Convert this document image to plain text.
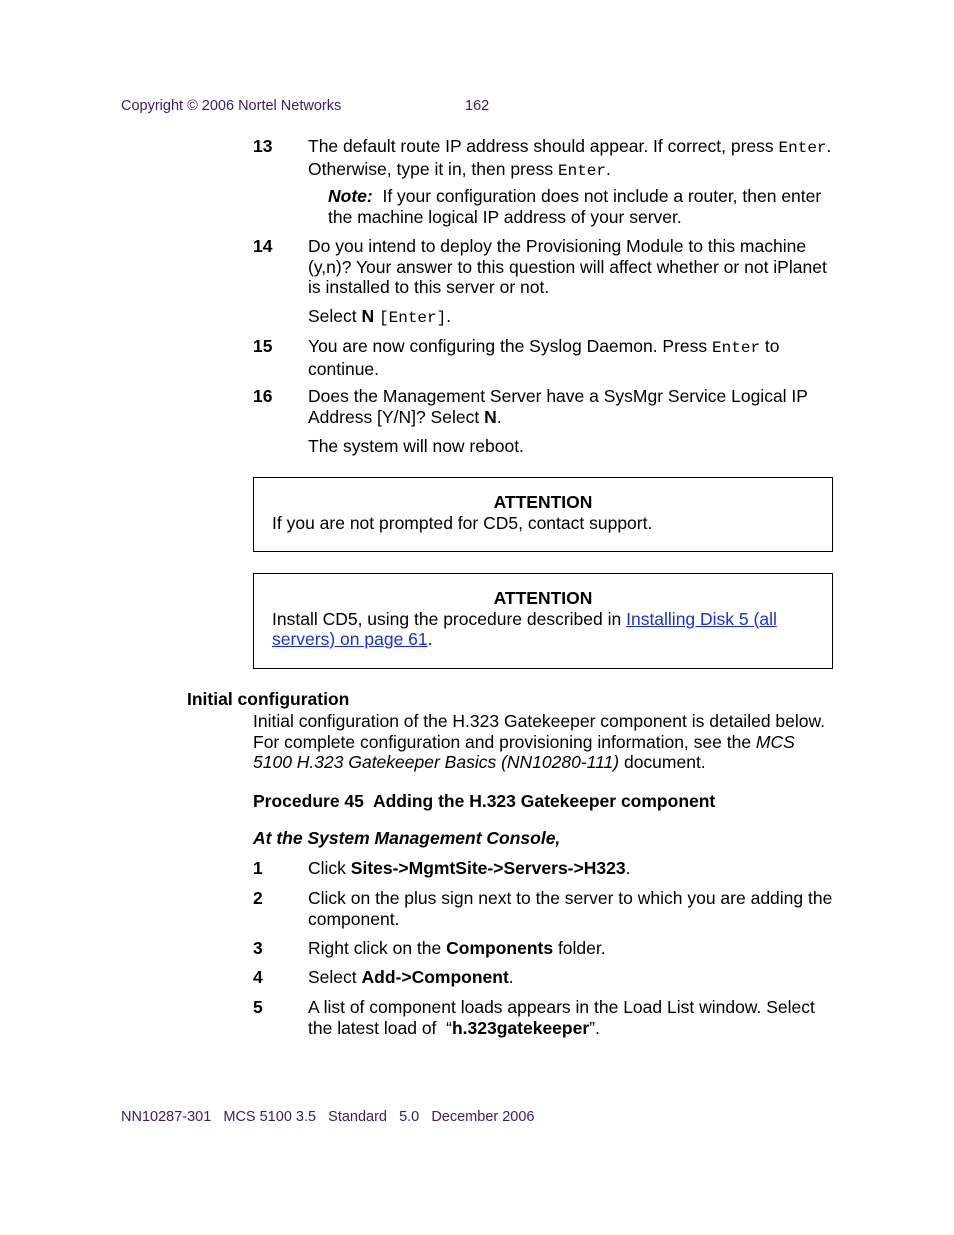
Copyright © 2006 Nortel Networks	162
13 The default route IP address should appear. If correct, press Enter. Otherwise, type it in, then press Enter.
Note: If your configuration does not include a router, then enter the machine logical IP address of your server.
14 Do you intend to deploy the Provisioning Module to this machine (y,n)? Your answer to this question will affect whether or not iPlanet is installed to this server or not.
Select N [Enter].
15 You are now configuring the Syslog Daemon. Press Enter to continue.
16 Does the Management Server have a SysMgr Service Logical IP Address [Y/N]? Select N.
The system will now reboot.
ATTENTION
If you are not prompted for CD5, contact support.
ATTENTION
Install CD5, using the procedure described in Installing Disk 5 (all servers) on page 61.
Initial configuration
Initial configuration of the H.323 Gatekeeper component is detailed below. For complete configuration and provisioning information, see the MCS 5100 H.323 Gatekeeper Basics (NN10280-111) document.
Procedure 45  Adding the H.323 Gatekeeper component
At the System Management Console,
1	Click Sites->MgmtSite->Servers->H323.
2	Click on the plus sign next to the server to which you are adding the component.
3	Right click on the Components folder.
4	Select Add->Component.
5	A list of component loads appears in the Load List window. Select the latest load of  “h.323gatekeeper”.
NN10287-301   MCS 5100 3.5   Standard   5.0   December 2006
